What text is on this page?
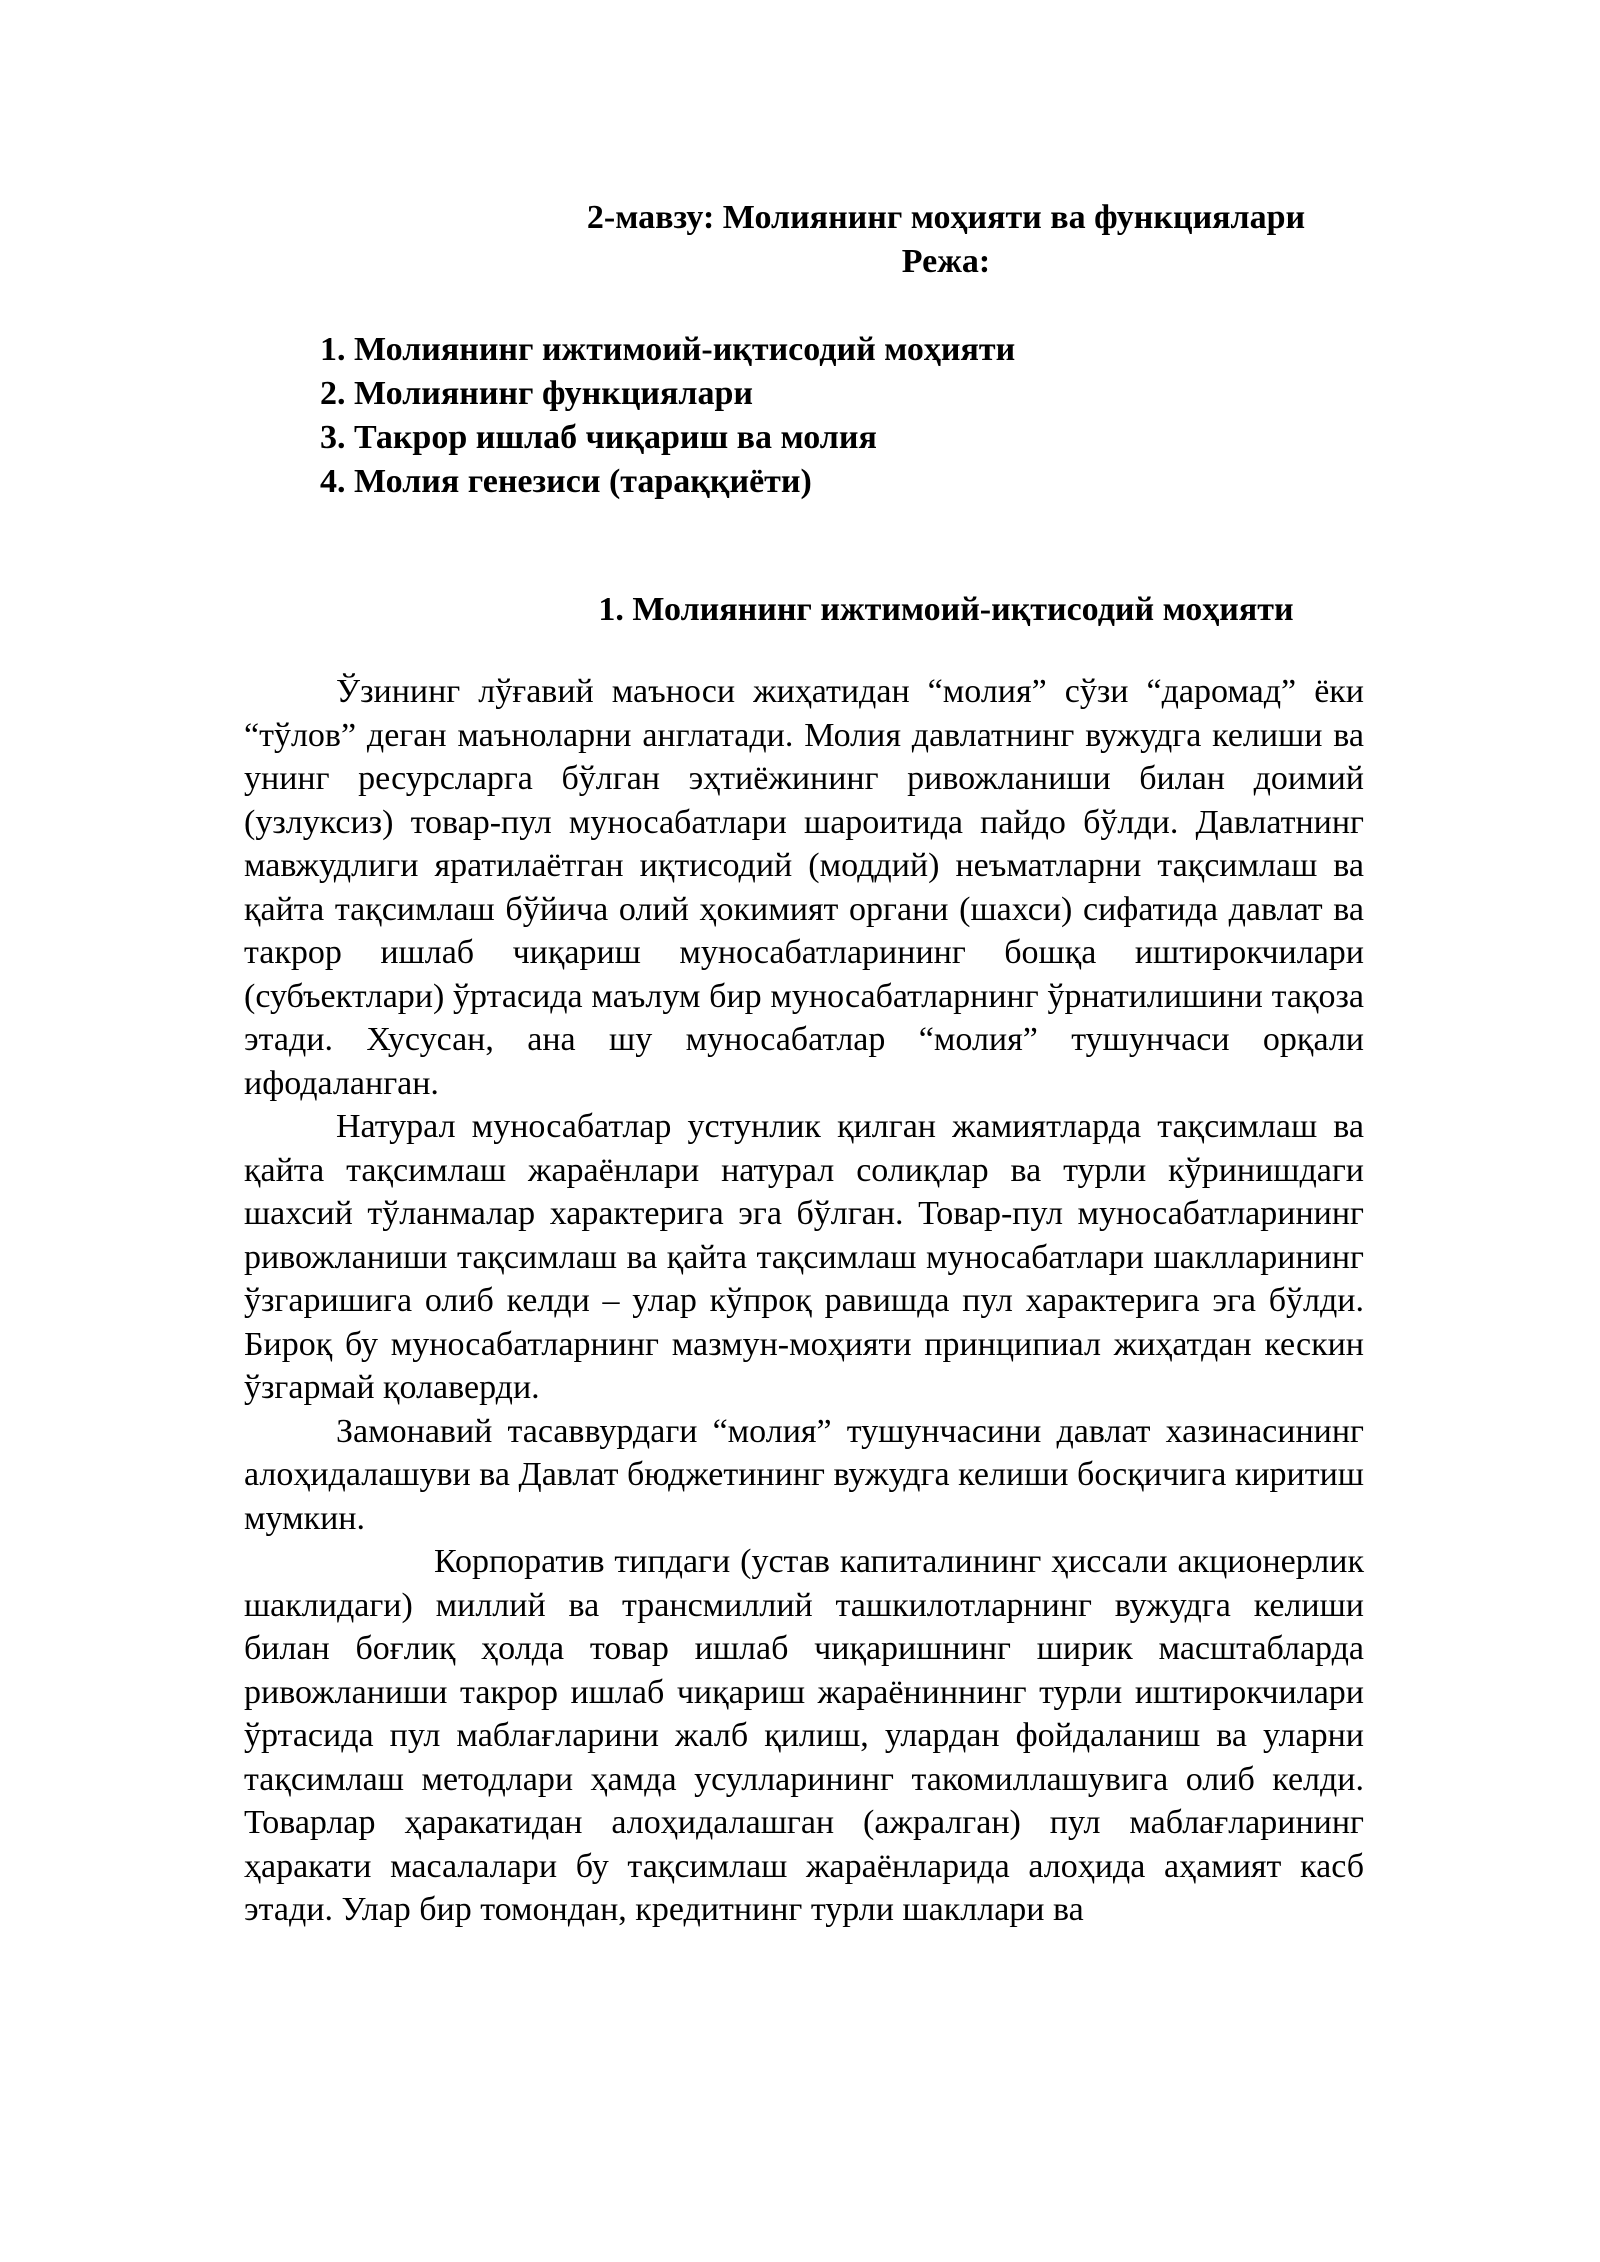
2-мавзу: Молиянинг моҳияти ва функциялари
Режа:
1. Молиянинг ижтимоий-иқтисодий моҳияти
2. Молиянинг функциялари
3. Такрор ишлаб чиқариш ва молия
4. Молия генезиси (тараққиёти)
1. Молиянинг ижтимоий-иқтисодий моҳияти

Ўзининг лўғавий маъноси жиҳатидан “молия” сўзи “даромад” ёки “тўлов” деган маъноларни англатади. Молия давлатнинг вужудга келиши ва унинг ресурсларга бўлган эҳтиёжининг ривожланиши билан доимий (узлуксиз) товар-пул муносабатлари шароитида пайдо бўлди. Давлатнинг мавжудлиги яратилаётган иқтисодий (моддий) неъматларни тақсимлаш ва қайта тақсимлаш бўйича олий ҳокимият органи (шахси) сифатида давлат ва такрор ишлаб чиқариш муносабатларининг бошқа иштирокчилари (субъектлари) ўртасида маълум бир муносабатларнинг ўрнатилишини тақоза этади. Хусусан, ана шу муносабатлар “молия” тушунчаси орқали ифодаланган.

Натурал муносабатлар устунлик қилган жамиятларда тақсимлаш ва қайта тақсимлаш жараёнлари натурал солиқлар ва турли кўринишдаги шахсий тўланмалар характерига эга бўлган. Товар-пул муносабатларининг ривожланиши тақсимлаш ва қайта тақсимлаш муносабатлари шаклларининг ўзгаришига олиб келди – улар кўпроқ равишда пул характерига эга бўлди. Бироқ бу муносабатларнинг мазмун-моҳияти принципиал жиҳатдан кескин ўзгармай қолаверди.

Замонавий тасаввурдаги “молия” тушунчасини давлат хазинасининг алоҳидалашуви ва Давлат бюджетининг вужудга келиши босқичига киритиш мумкин.

Корпоратив типдаги (устав капиталининг ҳиссали акционерлик шаклидаги) миллий ва трансмиллий ташкилотларнинг вужудга келиши билан боғлиқ ҳолда товар ишлаб чиқаришнинг ширик масштабларда ривожланиши такрор ишлаб чиқариш жараёниннинг турли иштирокчилари ўртасида пул маблағларини жалб қилиш, улардан фойдаланиш ва уларни тақсимлаш методлари ҳамда усулларининг такомиллашувига олиб келди. Товарлар ҳаракатидан алоҳидалашган (ажралган) пул маблағларининг ҳаракати масалалари бу тақсимлаш жараёнларида алоҳида аҳамият касб этади. Улар бир томондан, кредитнинг турли шакллари ва
